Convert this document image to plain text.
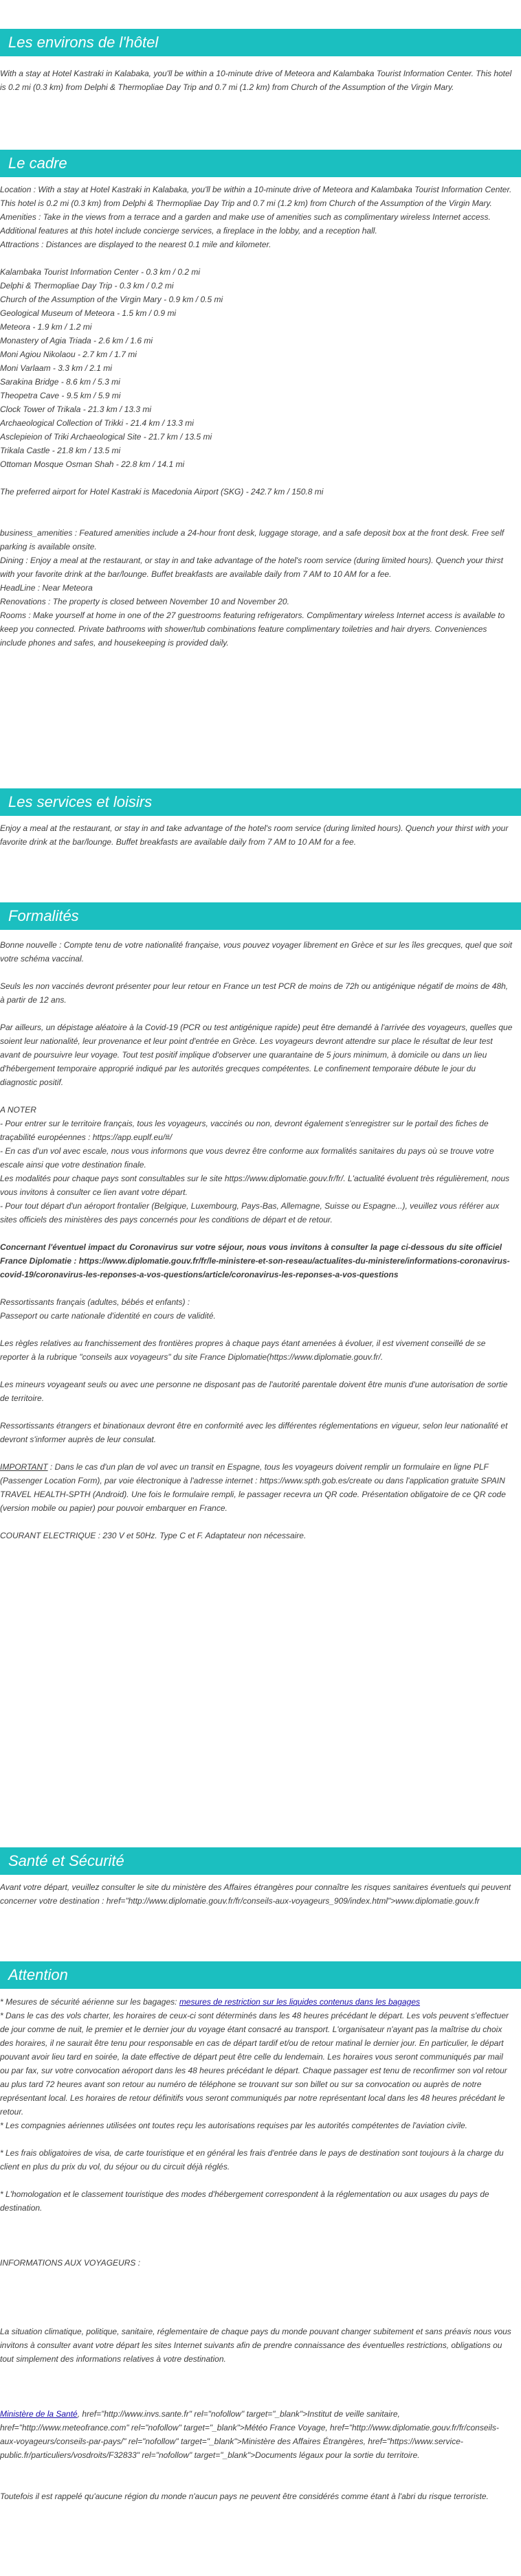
Les environs de l'hôtel

With a stay at Hotel Kastraki in Kalabaka, you'll be within a 10-minute drive of Meteora and Kalambaka Tourist Information Center. This hotel is 0.2 mi (0.3 km) from Delphi & Thermopliae Day Trip and 0.7 mi (1.2 km) from Church of the Assumption of the Virgin Mary.

Le cadre

Location : With a stay at Hotel Kastraki in Kalabaka, you'll be within a 10-minute drive of Meteora and Kalambaka Tourist Information Center. This hotel is 0.2 mi (0.3 km) from Delphi & Thermopliae Day Trip and 0.7 mi (1.2 km) from Church of the Assumption of the Virgin Mary.

Amenities : Take in the views from a terrace and a garden and make use of amenities such as complimentary wireless Internet access. Additional features at this hotel include concierge services, a fireplace in the lobby, and a reception hall.

Attractions : Distances are displayed to the nearest 0.1 mile and kilometer.

Kalambaka Tourist Information Center - 0.3 km / 0.2 mi

Delphi & Thermopliae Day Trip - 0.3 km / 0.2 mi

Church of the Assumption of the Virgin Mary - 0.9 km / 0.5 mi

Geological Museum of Meteora - 1.5 km / 0.9 mi

Meteora - 1.9 km / 1.2 mi

Monastery of Agia Triada - 2.6 km / 1.6 mi

Moni Agiou Nikolaou - 2.7 km / 1.7 mi

Moni Varlaam - 3.3 km / 2.1 mi

Sarakina Bridge - 8.6 km / 5.3 mi

Theopetra Cave - 9.5 km / 5.9 mi

Clock Tower of Trikala - 21.3 km / 13.3 mi

Archaeological Collection of Trikki - 21.4 km / 13.3 mi

Asclepieion of Triki Archaeological Site - 21.7 km / 13.5 mi

Trikala Castle - 21.8 km / 13.5 mi

Ottoman Mosque Osman Shah - 22.8 km / 14.1 mi

The preferred airport for Hotel Kastraki is Macedonia Airport (SKG) - 242.7 km / 150.8 mi

business_amenities : Featured amenities include a 24-hour front desk, luggage storage, and a safe deposit box at the front desk. Free self parking is available onsite.

Dining : Enjoy a meal at the restaurant, or stay in and take advantage of the hotel's room service (during limited hours). Quench your thirst with your favorite drink at the bar/lounge. Buffet breakfasts are available daily from 7 AM to 10 AM for a fee.

HeadLine : Near Meteora

Renovations : The property is closed between November 10 and November 20.

Rooms : Make yourself at home in one of the 27 guestrooms featuring refrigerators. Complimentary wireless Internet access is available to keep you connected. Private bathrooms with shower/tub combinations feature complimentary toiletries and hair dryers. Conveniences include phones and safes, and housekeeping is provided daily.

Les services et loisirs

Enjoy a meal at the restaurant, or stay in and take advantage of the hotel's room service (during limited hours). Quench your thirst with your favorite drink at the bar/lounge. Buffet breakfasts are available daily from 7 AM to 10 AM for a fee.

Formalités

Bonne nouvelle : Compte tenu de votre nationalité française, vous pouvez voyager librement en Grèce et sur les îles grecques, quel que soit votre schéma vaccinal.

Seuls les non vaccinés devront présenter pour leur retour en France un test PCR de moins de 72h ou antigénique négatif de moins de 48h, à partir de 12 ans.

Par ailleurs, un dépistage aléatoire à la Covid-19 (PCR ou test antigénique rapide) peut être demandé à l'arrivée des voyageurs, quelles que soient leur nationalité, leur provenance et leur point d'entrée en Grèce. Les voyageurs devront attendre sur place le résultat de leur test avant de poursuivre leur voyage. Tout test positif implique d'observer une quarantaine de 5 jours minimum, à domicile ou dans un lieu d'hébergement temporaire approprié indiqué par les autorités grecques compétentes. Le confinement temporaire débute le jour du diagnostic positif.

A NOTER

- Pour entrer sur le territoire français, tous les voyageurs, vaccinés ou non, devront également s'enregistrer sur le portail des fiches de traçabilité européennes : https://app.euplf.eu/#/

- En cas d'un vol avec escale, nous vous informons que vous devrez être conforme aux formalités sanitaires du pays où se trouve votre escale ainsi que votre destination finale.

Les modalités pour chaque pays sont consultables sur le site https://www.diplomatie.gouv.fr/fr/. L'actualité évoluent très régulièrement, nous vous invitons à consulter ce lien avant votre départ.

- Pour tout départ d'un aéroport frontalier (Belgique, Luxembourg, Pays-Bas, Allemagne, Suisse ou Espagne...), veuillez vous référer aux sites officiels des ministères des pays concernés pour les conditions de départ et de retour.

Concernant l'éventuel impact du Coronavirus sur votre séjour, nous vous invitons à consulter la page ci-dessous du site officiel France Diplomatie : https://www.diplomatie.gouv.fr/fr/le-ministere-et-son-reseau/actualites-du-ministere/informations-coronavirus-covid-19/coronavirus-les-reponses-a-vos-questions/article/coronavirus-les-reponses-a-vos-questions

Ressortissants français (adultes, bébés et enfants) :

Passeport ou carte nationale d'identité en cours de validité.

Les règles relatives au franchissement des frontières propres à chaque pays étant amenées à évoluer, il est vivement conseillé de se reporter à la rubrique "conseils aux voyageurs" du site France Diplomatie(https://www.diplomatie.gouv.fr/.

Les mineurs voyageant seuls ou avec une personne ne disposant pas de l'autorité parentale doivent être munis d'une autorisation de sortie de territoire.

Ressortissants étrangers et binationaux devront être en conformité avec les différentes réglementations en vigueur, selon leur nationalité et devront s'informer auprès de leur consulat.

IMPORTANT : Dans le cas d'un plan de vol avec un transit en Espagne, tous les voyageurs doivent remplir un formulaire en ligne PLF (Passenger Location Form), par voie électronique à l'adresse internet : https://www.spth.gob.es/create ou dans l'application gratuite SPAIN TRAVEL HEALTH-SPTH (Android). Une fois le formulaire rempli, le passager recevra un QR code. Présentation obligatoire de ce QR code (version mobile ou papier) pour pouvoir embarquer en France.

COURANT ELECTRIQUE : 230 V et 50Hz. Type C et F. Adaptateur non nécessaire.

Santé et Sécurité

Avant votre départ, veuillez consulter le site du ministère des Affaires étrangères pour connaître les risques sanitaires éventuels qui peuvent concerner votre destination : href="http://www.diplomatie.gouv.fr/fr/conseils-aux-voyageurs_909/index.html">www.diplomatie.gouv.fr

Attention

* Mesures de sécurité aérienne sur les bagages: mesures de restriction sur les liquides contenus dans les bagages

* Dans le cas des vols charter, les horaires de ceux-ci sont déterminés dans les 48 heures précédant le départ. Les vols peuvent s'effectuer de jour comme de nuit, le premier et le dernier jour du voyage étant consacré au transport. L'organisateur n'ayant pas la maîtrise du choix des horaires, il ne saurait être tenu pour responsable en cas de départ tardif et/ou de retour matinal le dernier jour. En particulier, le départ pouvant avoir lieu tard en soirée, la date effective de départ peut être celle du lendemain. Les horaires vous seront communiqués par mail ou par fax, sur votre convocation aéroport dans les 48 heures précédant le départ. Chaque passager est tenu de reconfirmer son vol retour au plus tard 72 heures avant son retour au numéro de téléphone se trouvant sur son billet ou sur sa convocation ou auprès de notre représentant local. Les horaires de retour définitifs vous seront communiqués par notre représentant local dans les 48 heures précédant le retour.

* Les compagnies aériennes utilisées ont toutes reçu les autorisations requises par les autorités compétentes de l'aviation civile.

* Les frais obligatoires de visa, de carte touristique et en général les frais d'entrée dans le pays de destination sont toujours à la charge du client en plus du prix du vol, du séjour ou du circuit déjà réglés.

* L'homologation et le classement touristique des modes d'hébergement correspondent à la réglementation ou aux usages du pays de destination.

INFORMATIONS AUX VOYAGEURS :

La situation climatique, politique, sanitaire, réglementaire de chaque pays du monde pouvant changer subitement et sans préavis nous vous invitons à consulter avant votre départ les sites Internet suivants afin de prendre connaissance des éventuelles restrictions, obligations ou tout simplement des informations relatives à votre destination.

Ministère de la Santé, href="http://www.invs.sante.fr" rel="nofollow" target="_blank">Institut de veille sanitaire, href="http://www.meteofrance.com" rel="nofollow" target="_blank">Météo France Voyage, href="http://www.diplomatie.gouv.fr/fr/conseils-aux-voyageurs/conseils-par-pays/" rel="nofollow" target="_blank">Ministère des Affaires Étrangères, href="https://www.service-public.fr/particuliers/vosdroits/F32833" rel="nofollow" target="_blank">Documents légaux pour la sortie du territoire.

Toutefois il est rappelé qu'aucune région du monde n'aucun pays ne peuvent être considérés comme étant à l'abri du risque terroriste.
